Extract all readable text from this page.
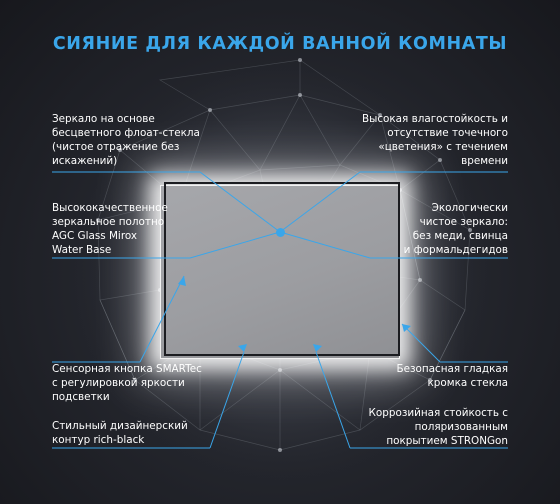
СИЯНИЕ ДЛЯ КАЖДОЙ ВАННОЙ КОМНАТЫ
Зеркало на основе
бесцветного флоат-стекла
(чистое отражение без
искажений)
Высокая влагостойкость и
отсутствие точечного
«цветения» с течением
времени
Высококачественное
зеркальное полотно
AGC Glass Mirox
Water Base
Экологически
чистое зеркало:
без меди, свинца
и формальдегидов
Сенсорная кнопка SMARTec
с регулировкой яркости
подсветки
Безопасная гладкая
кромка стекла
Стильный дизайнерский
контур rich-black
Коррозийная стойкость с
поляризованным
покрытием STRONGon
